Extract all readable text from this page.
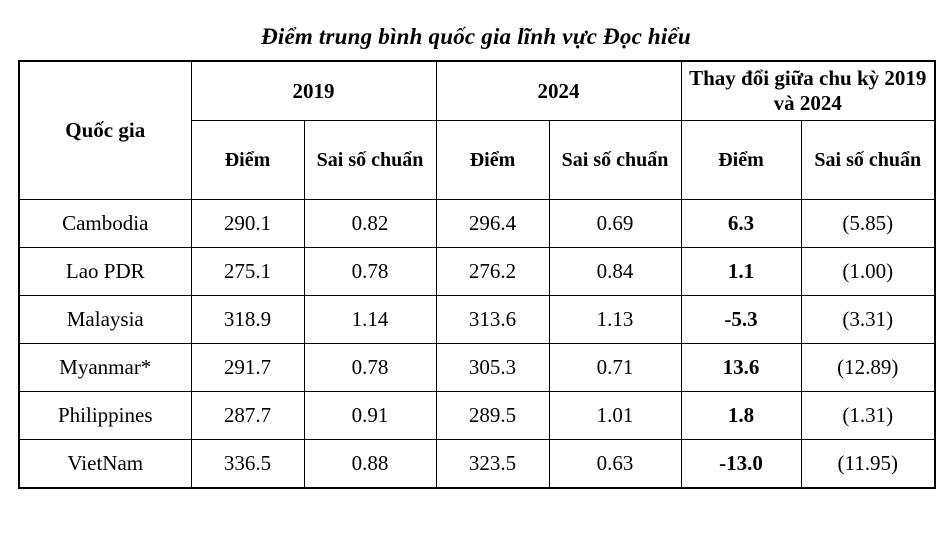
Điểm trung bình quốc gia lĩnh vực Đọc hiểu
Quốc gia	2019		2024		Thay đổi giữa chu kỳ 2019 và 2024	
	Điểm	Sai số chuẩn	Điểm	Sai số chuẩn	Điểm	Sai số chuẩn
Cambodia	290.1	0.82	296.4	0.69	6.3	(5.85)
Lao PDR	275.1	0.78	276.2	0.84	1.1	(1.00)
Malaysia	318.9	1.14	313.6	1.13	-5.3	(3.31)
Myanmar*	291.7	0.78	305.3	0.71	13.6	(12.89)
Philippines	287.7	0.91	289.5	1.01	1.8	(1.31)
VietNam	336.5	0.88	323.5	0.63	-13.0	(11.95)
